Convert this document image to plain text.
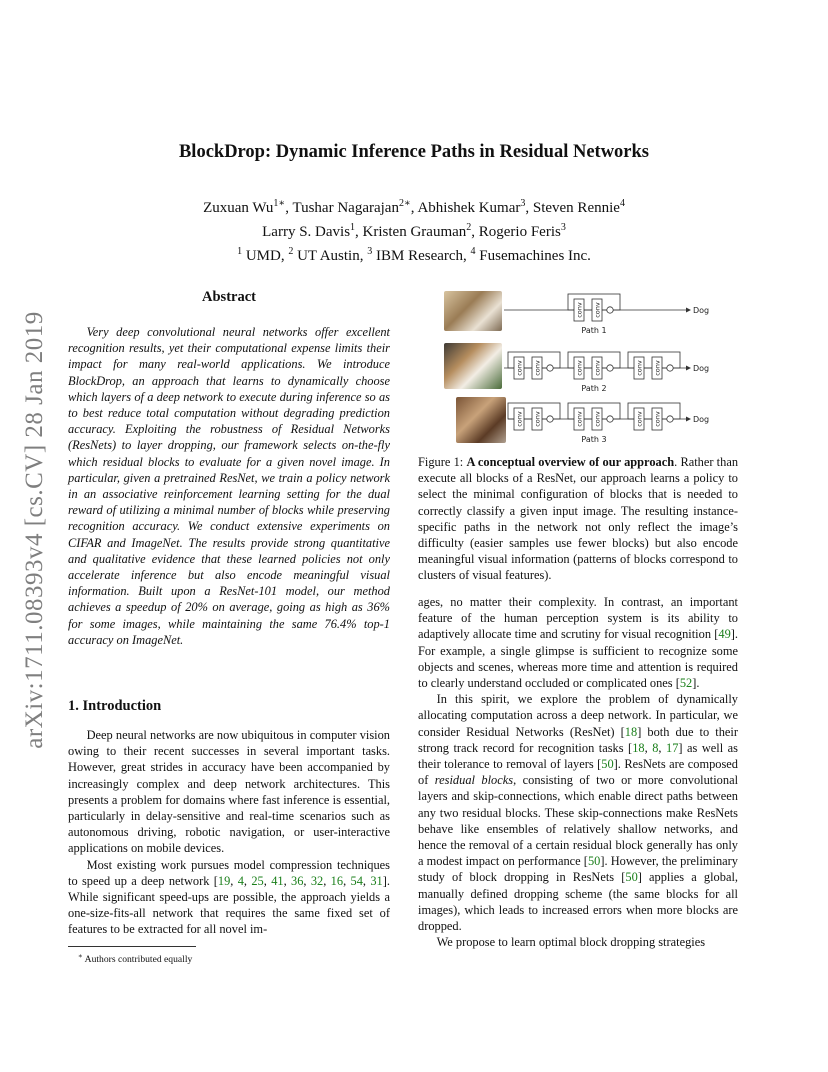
arXiv:1711.08393v4 [cs.CV] 28 Jan 2019
BlockDrop: Dynamic Inference Paths in Residual Networks
Zuxuan $Wu^{1∗}$, Tushar Nagarajan$^{2∗}$, Abhishek Kumar$^3$, Steven Rennie$^4$
Larry S. Davis$^1$, Kristen Grauman$^2$, Rogerio Feris$^3$
$^1$ UMD, $^2$ UT Austin, $^3$ IBM Research, $^4$ Fusemachines Inc.
Abstract

Very deep convolutional neural networks offer excellent recognition results, yet their computational expense limits their impact for many real-world applications. We introduce BlockDrop, an approach that learns to dynamically choose which layers of a deep network to execute during inference so as to best reduce total computation without degrading prediction accuracy. Exploiting the robustness of Residual Networks (ResNets) to layer dropping, our framework selects on-the-fly which residual blocks to evaluate for a given novel image. In particular, given a pretrained ResNet, we train a policy network in an associative reinforcement learning setting for the dual reward of utilizing a minimal number of blocks while preserving recognition accuracy. We conduct extensive experiments on CIFAR and ImageNet. The results provide strong quantitative and qualitative evidence that these learned policies not only accelerate inference but also encode meaningful visual information. Built upon a ResNet-101 model, our method achieves a speedup of 20% on average, going as high as 36% for some images, while maintaining the same 76.4% top-1 accuracy on ImageNet.

1. Introduction

Deep neural networks are now ubiquitous in computer vision owing to their recent successes in several important tasks. However, great strides in accuracy have been accompanied by increasingly complex and deep network architectures. This presents a problem for domains where fast inference is essential, particularly in delay-sensitive and real-time scenarios such as autonomous driving, robotic navigation, or user-interactive applications on mobile devices.

Most existing work pursues model compression techniques to speed up a deep network [19, 4, 25, 41, 36, 32, 16, 54, 31]. While significant speed-ups are possible, the approach yields a one-size-fits-all network that requires the same fixed set of features to be extracted for all novel im-

∗ Authors contributed equally
conv conv
Path 1
Dog
conv conv	conv conv	conv conv
Path 2
Dog
conv conv	conv conv	conv conv
Path 3
Dog

Figure 1: A conceptual overview of our approach. Rather than execute all blocks of a ResNet, our approach learns a policy to select the minimal configuration of blocks that is needed to correctly classify a given input image. The resulting instance-specific paths in the network not only reflect the image’s difficulty (easier samples use fewer blocks) but also encode meaningful visual information (patterns of blocks correspond to clusters of visual features).

ages, no matter their complexity. In contrast, an important feature of the human perception system is its ability to adaptively allocate time and scrutiny for visual recognition [49]. For example, a single glimpse is sufficient to recognize some objects and scenes, whereas more time and attention is required to clearly understand occluded or complicated ones [52].

In this spirit, we explore the problem of dynamically allocating computation across a deep network. In particular, we consider Residual Networks (ResNet) [18] both due to their strong track record for recognition tasks [18, 8, 17] as well as their tolerance to removal of layers [50]. ResNets are composed of residual blocks, consisting of two or more convolutional layers and skip-connections, which enable direct paths between any two residual blocks. These skip-connections make ResNets behave like ensembles of relatively shallow networks, and hence the removal of a certain residual block generally has only a modest impact on performance [50]. However, the preliminary study of block dropping in ResNets [50] applies a global, manually defined dropping scheme (the same blocks for all images), which leads to increased errors when more blocks are dropped.

We propose to learn optimal block dropping strategies
